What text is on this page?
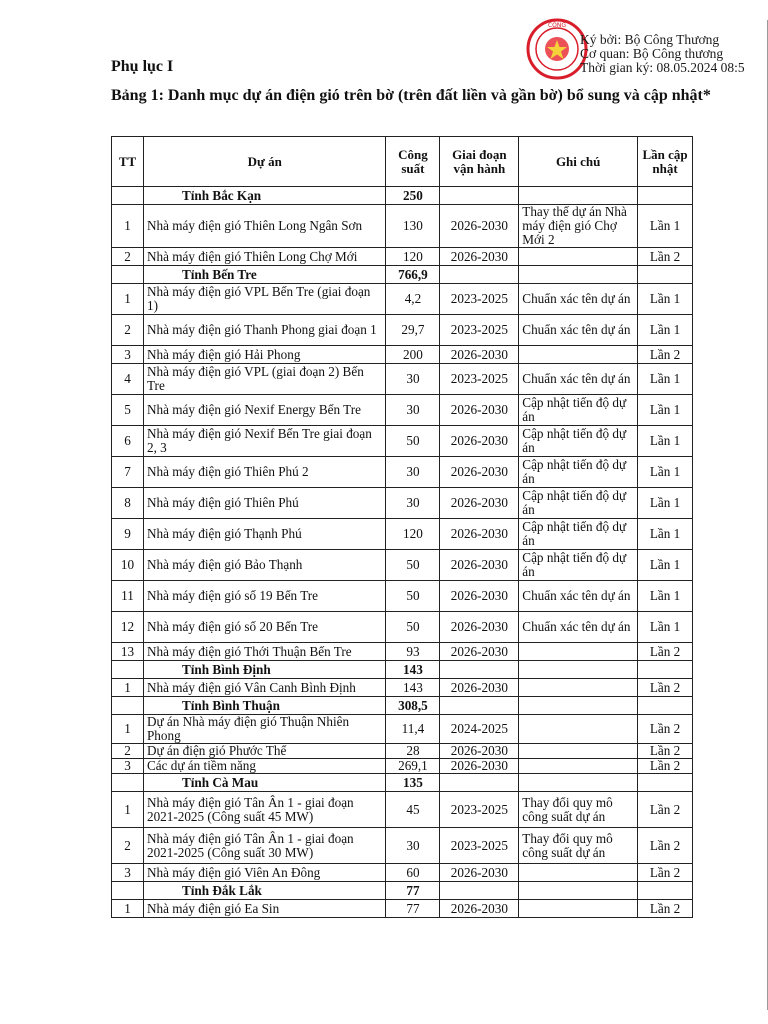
CÔNG
Ký bởi: Bộ Công Thương
Cơ quan: Bộ Công thương
Thời gian ký: 08.05.2024 08:5
Phụ lục I
Bảng 1: Danh mục dự án điện gió trên bờ (trên đất liền và gần bờ) bổ sung và cập nhật*
TT	Dự án	Công suất	Giai đoạn vận hành	Ghi chú	Lần cập nhật
	Tỉnh Bắc Kạn	250			
1	Nhà máy điện gió Thiên Long Ngân Sơn	130	2026-2030	Thay thế dự án Nhà máy điện gió Chợ Mới 2	Lần 1
2	Nhà máy điện gió Thiên Long Chợ Mới	120	2026-2030		Lần 2
	Tỉnh Bến Tre	766,9			
1	Nhà máy điện gió VPL Bến Tre (giai đoạn 1)	4,2	2023-2025	Chuẩn xác tên dự án	Lần 1
2	Nhà máy điện gió Thanh Phong giai đoạn 1	29,7	2023-2025	Chuẩn xác tên dự án	Lần 1
3	Nhà máy điện gió Hải Phong	200	2026-2030		Lần 2
4	Nhà máy điện gió VPL (giai đoạn 2) Bến Tre	30	2023-2025	Chuẩn xác tên dự án	Lần 1
5	Nhà máy điện gió Nexif Energy Bến Tre	30	2026-2030	Cập nhật tiến độ dự án	Lần 1
6	Nhà máy điện gió Nexif Bến Tre giai đoạn 2, 3	50	2026-2030	Cập nhật tiến độ dự án	Lần 1
7	Nhà máy điện gió Thiên Phú 2	30	2026-2030	Cập nhật tiến độ dự án	Lần 1
8	Nhà máy điện gió Thiên Phú	30	2026-2030	Cập nhật tiến độ dự án	Lần 1
9	Nhà máy điện gió Thạnh Phú	120	2026-2030	Cập nhật tiến độ dự án	Lần 1
10	Nhà máy điện gió Bảo Thạnh	50	2026-2030	Cập nhật tiến độ dự án	Lần 1
11	Nhà máy điện gió số 19 Bến Tre	50	2026-2030	Chuẩn xác tên dự án	Lần 1
12	Nhà máy điện gió số 20 Bến Tre	50	2026-2030	Chuẩn xác tên dự án	Lần 1
13	Nhà máy điện gió Thới Thuận Bến Tre	93	2026-2030		Lần 2
	Tỉnh Bình Định	143			
1	Nhà máy điện gió Vân Canh Bình Định	143	2026-2030		Lần 2
	Tỉnh Bình Thuận	308,5			
1	Dự án Nhà máy điện gió Thuận Nhiên Phong	11,4	2024-2025		Lần 2
2	Dự án điện gió Phước Thể	28	2026-2030		Lần 2
3	Các dự án tiềm năng	269,1	2026-2030		Lần 2
	Tỉnh Cà Mau	135			
1	Nhà máy điện gió Tân Ân 1 - giai đoạn 2021-2025 (Công suất 45 MW)	45	2023-2025	Thay đổi quy mô công suất dự án	Lần 2
2	Nhà máy điện gió Tân Ân 1 - giai đoạn 2021-2025 (Công suất 30 MW)	30	2023-2025	Thay đổi quy mô công suất dự án	Lần 2
3	Nhà máy điện gió Viên An Đông	60	2026-2030		Lần 2
	Tỉnh Đắk Lắk	77			
1	Nhà máy điện gió Ea Sin	77	2026-2030		Lần 2
